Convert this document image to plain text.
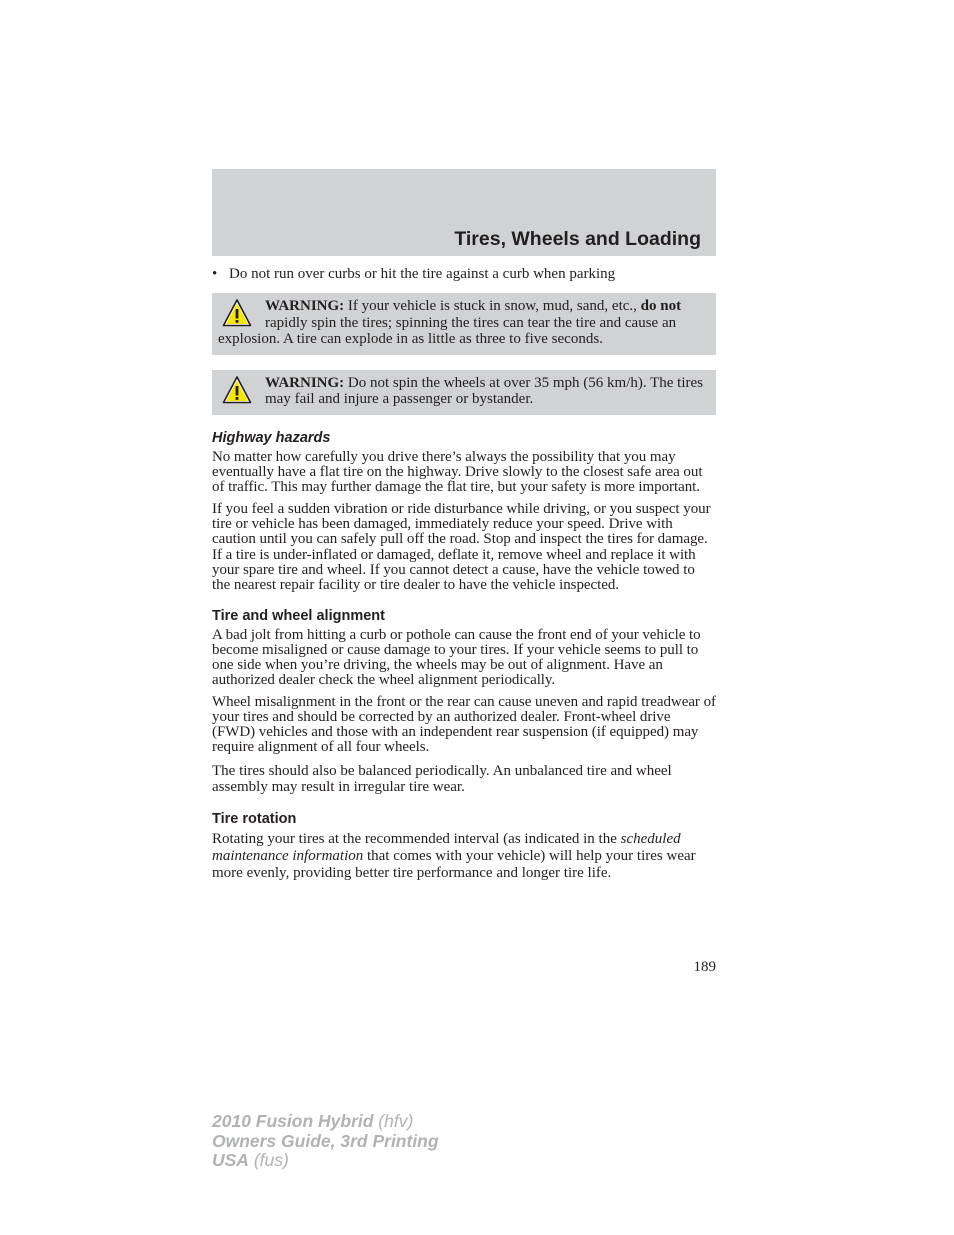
Tires, Wheels and Loading
• Do not run over curbs or hit the tire against a curb when parking
WARNING: If your vehicle is stuck in snow, mud, sand, etc., do not rapidly spin the tires; spinning the tires can tear the tire and cause an explosion. A tire can explode in as little as three to five seconds.
WARNING: Do not spin the wheels at over 35 mph (56 km/h). The tires may fail and injure a passenger or bystander.
Highway hazards

No matter how carefully you drive there’s always the possibility that you may eventually have a flat tire on the highway. Drive slowly to the closest safe area out of traffic. This may further damage the flat tire, but your safety is more important.

If you feel a sudden vibration or ride disturbance while driving, or you suspect your tire or vehicle has been damaged, immediately reduce your speed. Drive with caution until you can safely pull off the road. Stop and inspect the tires for damage. If a tire is under-inflated or damaged, deflate it, remove wheel and replace it with your spare tire and wheel. If you cannot detect a cause, have the vehicle towed to the nearest repair facility or tire dealer to have the vehicle inspected.

Tire and wheel alignment

A bad jolt from hitting a curb or pothole can cause the front end of your vehicle to become misaligned or cause damage to your tires. If your vehicle seems to pull to one side when you’re driving, the wheels may be out of alignment. Have an authorized dealer check the wheel alignment periodically.

Wheel misalignment in the front or the rear can cause uneven and rapid treadwear of your tires and should be corrected by an authorized dealer. Front-wheel drive (FWD) vehicles and those with an independent rear suspension (if equipped) may require alignment of all four wheels.

The tires should also be balanced periodically. An unbalanced tire and wheel assembly may result in irregular tire wear.

Tire rotation

Rotating your tires at the recommended interval (as indicated in the scheduled maintenance information that comes with your vehicle) will help your tires wear more evenly, providing better tire performance and longer tire life.

189
2010 Fusion Hybrid (hfv)
Owners Guide, 3rd Printing
USA (fus)
